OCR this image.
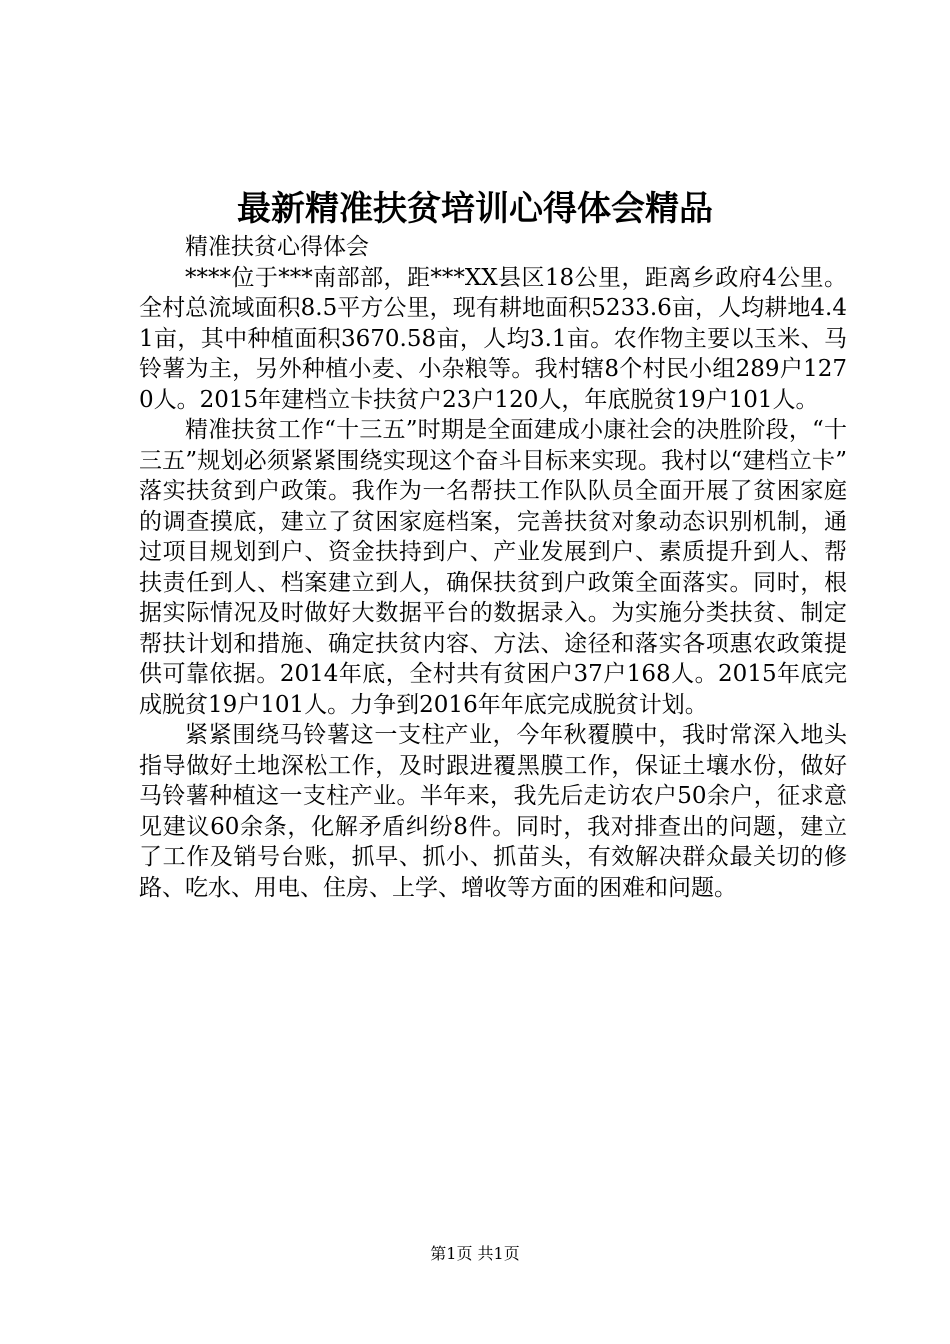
最新精准扶贫培训心得体会精品

精准扶贫心得体会

****位于***南部部，距***XX县区18公里，距离乡政府4公里。全村总流域面积8.5平方公里，现有耕地面积5233.6亩，人均耕地4.41亩，其中种植面积3670.58亩，人均3.1亩。农作物主要以玉米、马铃薯为主，另外种植小麦、小杂粮等。我村辖8个村民小组289户1270人。2015年建档立卡扶贫户23户120人，年底脱贫19户101人。

精准扶贫工作“十三五”时期是全面建成小康社会的决胜阶段，“十三五”规划必须紧紧围绕实现这个奋斗目标来实现。我村以“建档立卡”落实扶贫到户政策。我作为一名帮扶工作队队员全面开展了贫困家庭的调查摸底，建立了贫困家庭档案，完善扶贫对象动态识别机制，通过项目规划到户、资金扶持到户、产业发展到户、素质提升到人、帮扶责任到人、档案建立到人，确保扶贫到户政策全面落实。同时，根据实际情况及时做好大数据平台的数据录入。为实施分类扶贫、制定帮扶计划和措施、确定扶贫内容、方法、途径和落实各项惠农政策提供可靠依据。2014年底，全村共有贫困户37户168人。2015年底完成脱贫19户101人。力争到2016年年底完成脱贫计划。

紧紧围绕马铃薯这一支柱产业，今年秋覆膜中，我时常深入地头指导做好土地深松工作，及时跟进覆黑膜工作，保证土壤水份，做好马铃薯种植这一支柱产业。半年来，我先后走访农户50余户，征求意见建议60余条，化解矛盾纠纷8件。同时，我对排查出的问题，建立了工作及销号台账，抓早、抓小、抓苗头，有效解决群众最关切的修路、吃水、用电、住房、上学、增收等方面的困难和问题。

第1页 共1页
